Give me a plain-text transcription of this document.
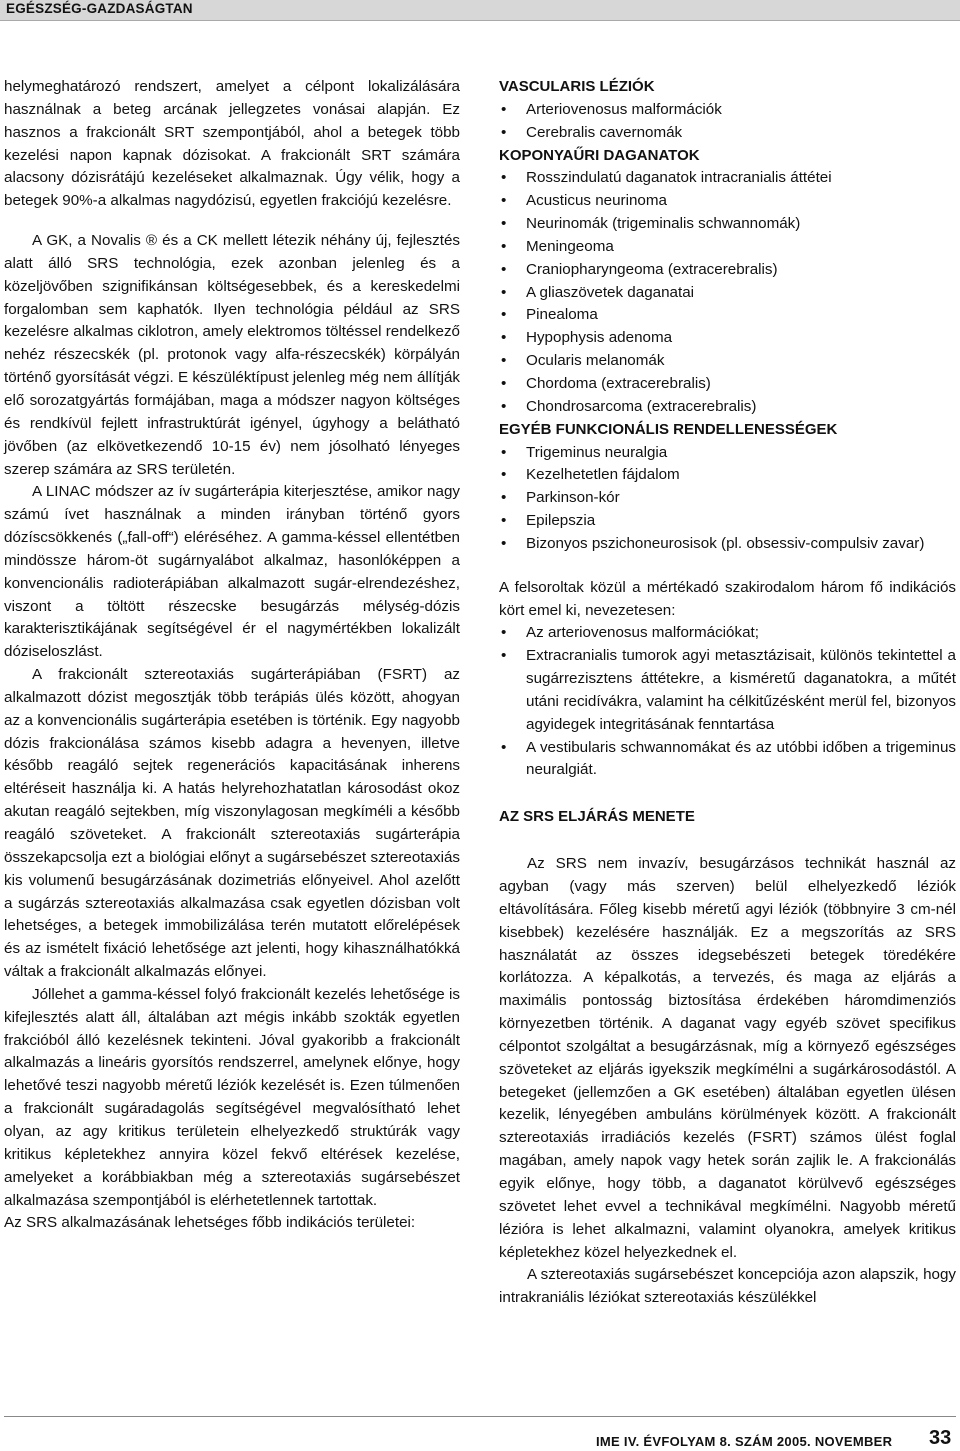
EGÉSZSÉG-GAZDASÁGTAN

helymeghatározó rendszert, amelyet a célpont lokalizálására használnak a beteg arcának jellegzetes vonásai alapján. Ez hasznos a frakcionált SRT szempontjából, ahol a betegek több kezelési napon kapnak dózisokat. A frakcionált SRT számára alacsony dózisrátájú kezeléseket alkalmaznak. Úgy vélik, hogy a betegek 90%-a alkalmas nagydózisú, egyetlen frakciójú kezelésre.

A GK, a Novalis ® és a CK mellett létezik néhány új, fejlesztés alatt álló SRS technológia, ezek azonban jelenleg és a közeljövőben szignifikánsan költségesebbek, és a kereskedelmi forgalomban sem kaphatók. Ilyen technológia például az SRS kezelésre alkalmas ciklotron, amely elektromos töltéssel rendelkező nehéz részecskék (pl. protonok vagy alfa-részecskék) körpályán történő gyorsítását végzi. E készüléktípust jelenleg még nem állítják elő sorozatgyártás formájában, maga a módszer nagyon költséges és rendkívül fejlett infrastruktúrát igényel, úgyhogy a belátható jövőben (az elkövetkezendő 10-15 év) nem jósolható lényeges szerep számára az SRS területén.

A LINAC módszer az ív sugárterápia kiterjesztése, amikor nagy számú ívet használnak a minden irányban történő gyors dózíscsökkenés („fall-off“) eléréséhez. A gamma-késsel ellentétben mindössze három-öt sugárnyalábot alkalmaz, hasonlóképpen a konvencionális radioterápiában alkalmazott sugár-elrendezéshez, viszont a töltött részecske besugárzás mélység-dózis karakterisztikájának segítségével ér el nagymértékben lokalizált dóziseloszlást.

A frakcionált sztereotaxiás sugárterápiában (FSRT) az alkalmazott dózist megosztják több terápiás ülés között, ahogyan az a konvencionális sugárterápia esetében is történik. Egy nagyobb dózis frakcionálása számos kisebb adagra a hevenyen, illetve később reagáló sejtek regenerációs kapacitásának inherens eltéréseit használja ki. A hatás helyrehozhatatlan károsodást okoz akutan reagáló sejtekben, míg viszonylagosan megkíméli a később reagáló szöveteket. A frakcionált sztereotaxiás sugárterápia összekapcsolja ezt a biológiai előnyt a sugársebészet sztereotaxiás kis volumenű besugárzásának dozimetriás előnyeivel. Ahol azelőtt a sugárzás sztereotaxiás alkalmazása csak egyetlen dózisban volt lehetséges, a betegek immobilizálása terén mutatott előrelépések és az ismételt fixáció lehetősége azt jelenti, hogy kihasználhatókká váltak a frakcionált alkalmazás előnyei.

Jóllehet a gamma-késsel folyó frakcionált kezelés lehetősége is kifejlesztés alatt áll, általában azt mégis inkább szokták egyetlen frakcióból álló kezelésnek tekinteni. Jóval gyakoribb a frakcionált alkalmazás a lineáris gyorsítós rendszerrel, amelynek előnye, hogy lehetővé teszi nagyobb méretű léziók kezelését is. Ezen túlmenően a frakcionált sugáradagolás segítségével megvalósítható lehet olyan, az agy kritikus területein elhelyezkedő struktúrák vagy kritikus képletekhez annyira közel fekvő eltérések kezelése, amelyeket a korábbiakban még a sztereotaxiás sugársebészet alkalmazása szempontjából is elérhetetlennek tartottak.

Az SRS alkalmazásának lehetséges főbb indikációs területei:

VASCULARIS LÉZIÓK

• Arteriovenosus malformációk
• Cerebralis cavernomák

KOPONYAŰRI DAGANATOK

• Rosszindulatú daganatok intracranialis áttétei
• Acusticus neurinoma
• Neurinomák (trigeminalis schwannomák)
• Meningeoma
• Craniopharyngeoma (extracerebralis)
• A gliaszövetek daganatai
• Pinealoma
• Hypophysis adenoma
• Ocularis melanomák
• Chordoma (extracerebralis)
• Chondrosarcoma (extracerebralis)

EGYÉB FUNKCIONÁLIS RENDELLENESSÉGEK

• Trigeminus neuralgia
• Kezelhetetlen fájdalom
• Parkinson-kór
• Epilepszia
• Bizonyos pszichoneurosisok (pl. obsessiv-compulsiv zavar)

A felsoroltak közül a mértékadó szakirodalom három fő indikációs kört emel ki, nevezetesen:

• Az arteriovenosus malformációkat;
• Extracranialis tumorok agyi metasztázisait, különös tekintettel a sugárrezisztens áttétekre, a kisméretű daganatokra, a műtét utáni recidívákra, valamint ha célkitűzésként merül fel, bizonyos agyidegek integritásának fenntartása
• A vestibularis schwannomákat és az utóbbi időben a trigeminus neuralgiát.

AZ SRS ELJÁRÁS MENETE

Az SRS nem invazív, besugárzásos technikát használ az agyban (vagy más szerven) belül elhelyezkedő léziók eltávolítására. Főleg kisebb méretű agyi léziók (többnyire 3 cm-nél kisebbek) kezelésére használják. Ez a megszorítás az SRS használatát az összes idegsebészeti betegek töredékére korlátozza. A képalkotás, a tervezés, és maga az eljárás a maximális pontosság biztosítása érdekében háromdimenziós környezetben történik. A daganat vagy egyéb szövet specifikus célpontot szolgáltat a besugárzásnak, míg a környező egészséges szöveteket az eljárás igyekszik megkímélni a sugárkárosodástól. A betegeket (jellemzően a GK esetében) általában egyetlen ülésen kezelik, lényegében ambuláns körülmények között. A frakcionált sztereotaxiás irradiációs kezelés (FSRT) számos ülést foglal magában, amely napok vagy hetek során zajlik le. A frakcionálás egyik előnye, hogy több, a daganatot körülvevő egészséges szövetet lehet evvel a technikával megkímélni. Nagyobb méretű lézióra is lehet alkalmazni, valamint olyanokra, amelyek kritikus képletekhez közel helyezkednek el.

A sztereotaxiás sugársebészet koncepciója azon alapszik, hogy intrakraniális léziókat sztereotaxiás készülékkel

IME IV. ÉVFOLYAM 8. SZÁM 2005. NOVEMBER 33
